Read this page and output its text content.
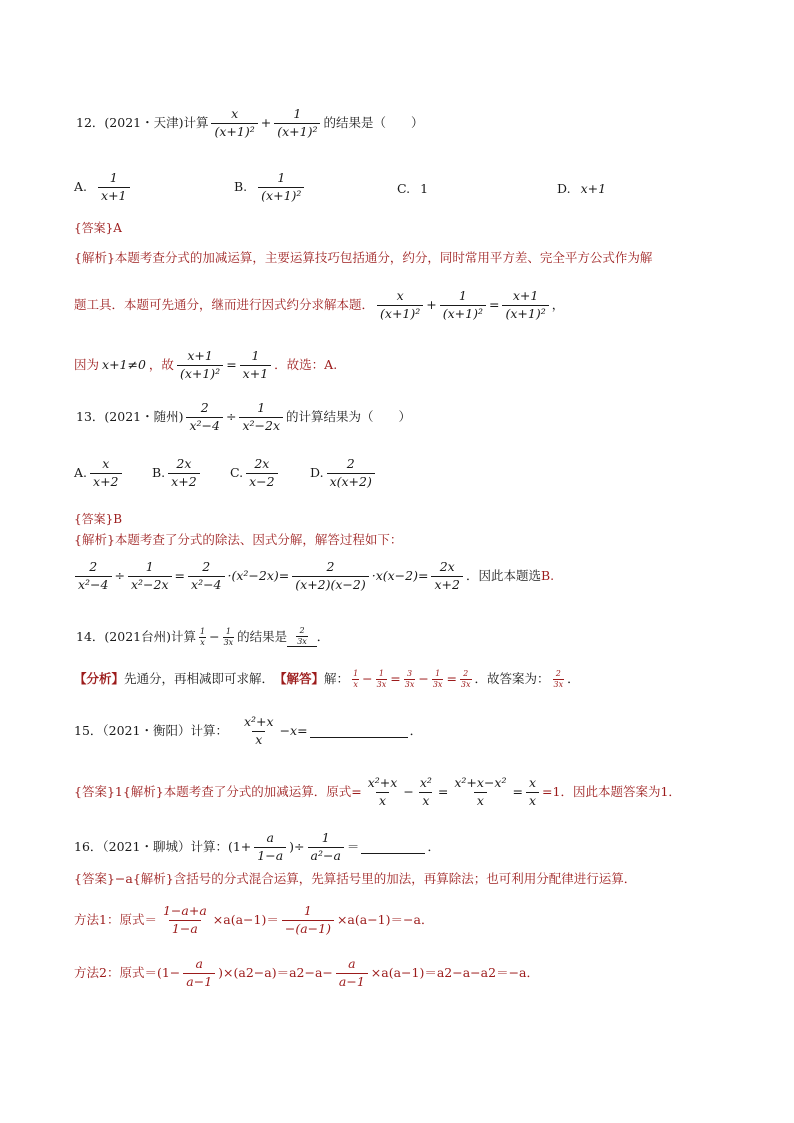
12．(2021・天津)计算 $\frac{x}{\text{(x+1)²}} + \frac{1}{\text{(x+1)²}}$ 的结果是（　　）
A. $\frac{1}{x+1}$	B. $\frac{1}{\text{(x+1)²}}$	C. 1	D. x+1
{答案}A
{解析}本题考查分式的加减运算，主要运算技巧包括通分，约分，同时常用平方差、完全平方公式作为解
题工具．本题可先通分，继而进行因式约分求解本题． $\frac{x}{\text{(x+1)²}} + \frac{1}{\text{(x+1)²}} = \frac{x+1}{\text{(x+1)²}}$ ，
因为 x+1≠0 ，故 $\frac{x+1}{\text{(x+1)²}} = \frac{1}{x+1}$ ．故选： A.
13．(2021・随州) $\frac{2}{\text{x²−4}} \div \frac{1}{\text{x²−2x}}$ 的计算结果为（　　）
A. $\frac{x}{x+2} B$. $\frac{2x}{x+2} C$. $\frac{2x}{x-2}$	D. $\frac{2}{x(x+2)}$
{答案}B
{解析}本题考查了分式的除法、因式分解，解答过程如下：
$\frac{2}{\text{x²−4}} \div \frac{1}{\text{x²−2x}} = \frac{2}{\text{x²−4}} \cdot(x^2-2x)= \frac{2}{(x+2)(x-2)} \cdot x(x-2)= \frac{2x}{x+2}$ ．因此本题选 B.
14．(2021台州)计算 $\frac{1}{x} - \frac{1}{3x}$ 的结果是 $\frac{2}{3x}$ ．
【分析】 先通分，再相减即可求解． 【解答】 解： $\frac{1}{x} - \frac{1}{3x} = \frac{3}{3x} - \frac{1}{3x} = \frac{2}{3x}$ ．故答案为： $\frac{2}{3x}$ ．
15．（2021・衡阳）计算： $\frac{\text{x²+x}}{x} -x=$	．
{答案}1{解析}本题考查了分式的加减运算．原式= $\frac{\text{x²+x}}{x} - \frac{\text{x²}}{x} = \frac{\text{x²+x−x²}}{x} = \frac{x}{x} =1$．因此本题答案为1．
16．（2021・聊城）计算：($1+ \frac{a}{1-a}$ )÷ $\frac{1}{\text{a²−a}}$ ＝	．
{答案}−a{解析}含括号的分式混合运算，先算括号里的加法，再算除法；也可利用分配律进行运算．
方法1：原式＝ $\frac{1-a+a}{1-a} \times a(a-1)= \frac{1}{-(a-1)} \times a(a-1)=-a$．
方法2：原式$=(1- \frac{a}{a-1} )\times(a2-a)=a2-a- \frac{a}{a-1} \times a(a-1)=a2-a-a2=-a$．
